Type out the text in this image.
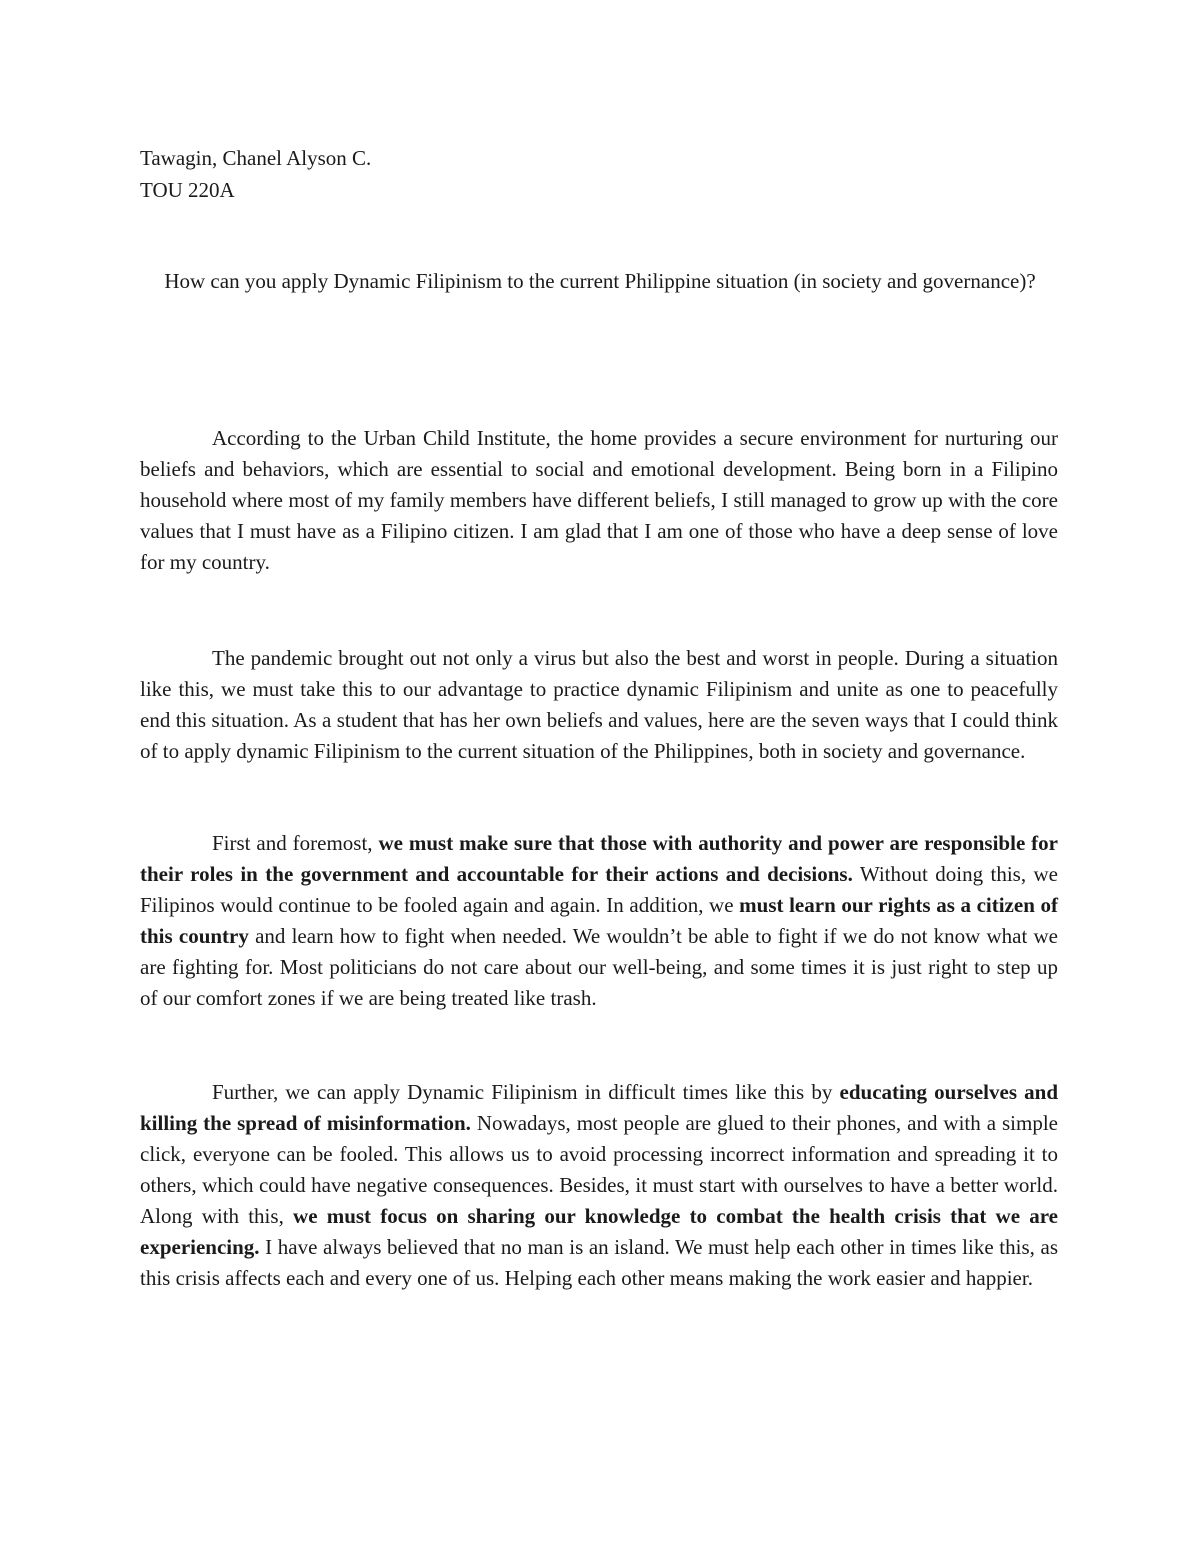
Tawagin, Chanel Alyson C.
TOU 220A
How can you apply Dynamic Filipinism to the current Philippine situation (in society and governance)?

According to the Urban Child Institute, the home provides a secure environment for nurturing our beliefs and behaviors, which are essential to social and emotional development. Being born in a Filipino household where most of my family members have different beliefs, I still managed to grow up with the core values that I must have as a Filipino citizen. I am glad that I am one of those who have a deep sense of love for my country.

The pandemic brought out not only a virus but also the best and worst in people. During a situation like this, we must take this to our advantage to practice dynamic Filipinism and unite as one to peacefully end this situation. As a student that has her own beliefs and values, here are the seven ways that I could think of to apply dynamic Filipinism to the current situation of the Philippines, both in society and governance.

First and foremost, we must make sure that those with authority and power are responsible for their roles in the government and accountable for their actions and decisions. Without doing this, we Filipinos would continue to be fooled again and again. In addition, we must learn our rights as a citizen of this country and learn how to fight when needed. We wouldn’t be able to fight if we do not know what we are fighting for. Most politicians do not care about our well-being, and some times it is just right to step up of our comfort zones if we are being treated like trash.

Further, we can apply Dynamic Filipinism in difficult times like this by educating ourselves and killing the spread of misinformation. Nowadays, most people are glued to their phones, and with a simple click, everyone can be fooled. This allows us to avoid processing incorrect information and spreading it to others, which could have negative consequences. Besides, it must start with ourselves to have a better world. Along with this, we must focus on sharing our knowledge to combat the health crisis that we are experiencing. I have always believed that no man is an island. We must help each other in times like this, as this crisis affects each and every one of us. Helping each other means making the work easier and happier.
